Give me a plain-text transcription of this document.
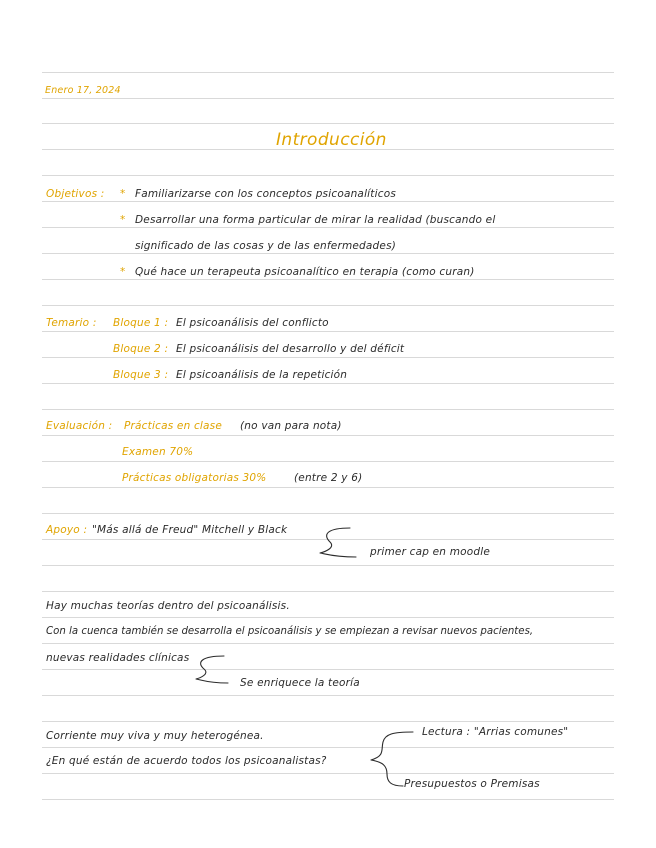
Enero 17, 2024
Introducción
Objetivos : * Familiarizarse con los conceptos psicoanalíticos
* Desarrollar una forma particular de mirar la realidad (buscando el
significado de las cosas y de las enfermedades)
* Qué hace un terapeuta psicoanalítico en terapia (como curan)
Temario : Bloque 1 : El psicoanálisis del conflicto
Bloque 2 : El psicoanálisis del desarrollo y del déficit
Bloque 3 : El psicoanálisis de la repetición
Evaluación : Prácticas en clase (no van para nota)
Examen 70%
Prácticas obligatorias 30%	(entre 2 y 6)
Apoyo : "Más allá de Freud" Mitchell y Black
primer cap en moodle
Hay muchas teorías dentro del psicoanálisis.
Con la cuenca también se desarrolla el psicoanálisis y se empiezan a revisar nuevos pacientes,
nuevas realidades clínicas
Se enriquece la teoría
Corriente muy viva y muy heterogénea.
¿En qué están de acuerdo todos los psicoanalistas?
Lectura : "Arrias comunes"
Presupuestos o Premisas
